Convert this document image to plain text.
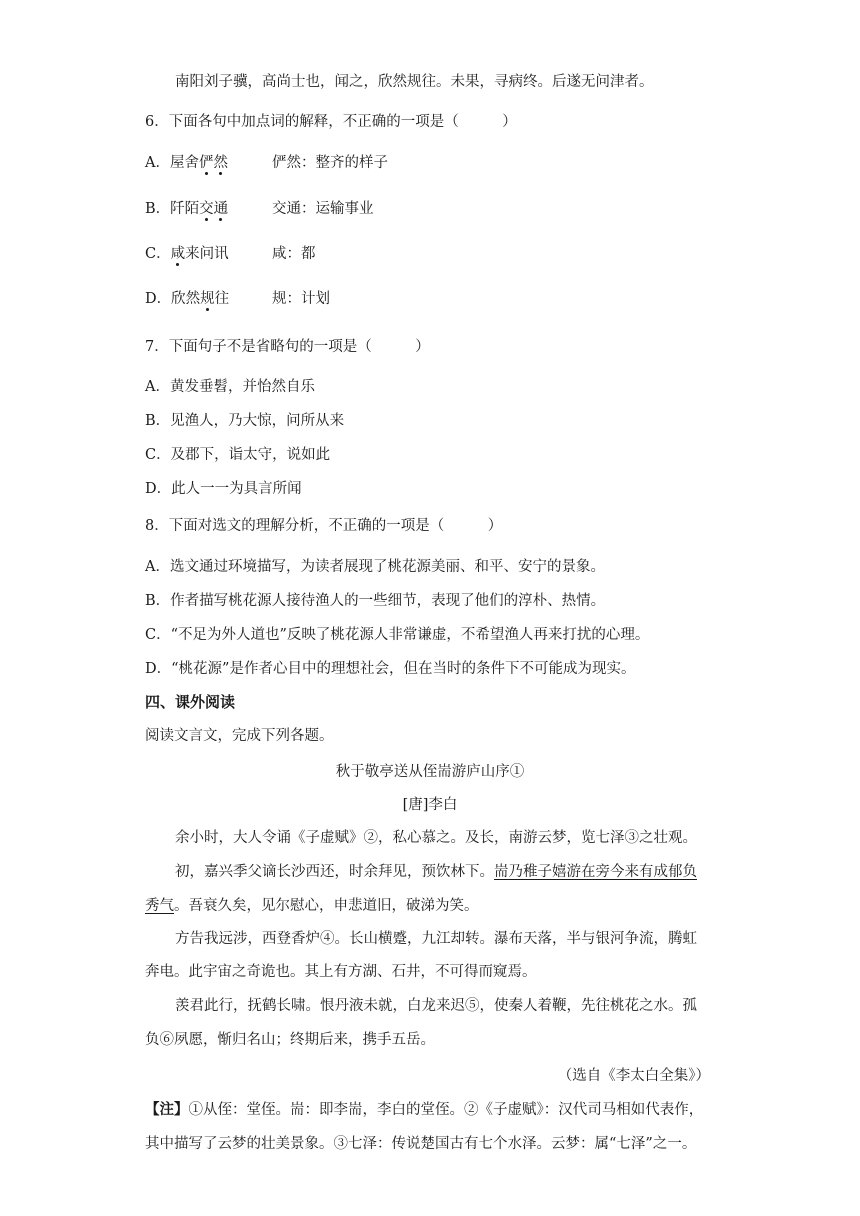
南阳刘子骥，高尚士也，闻之，欣然规往。未果，寻病终。后遂无问津者。
6．下面各句中加点词的解释，不正确的一项是（　　　）
A．屋舍俨然	俨然：整齐的样子
B．阡陌交通	交通：运输事业
C．咸来问讯	咸：都
D．欣然规往	规：计划
7．下面句子不是省略句的一项是（　　　）
A．黄发垂髫，并怡然自乐
B．见渔人，乃大惊，问所从来
C．及郡下，诣太守，说如此
D．此人一一为具言所闻
8．下面对选文的理解分析，不正确的一项是（　　　）
A．选文通过环境描写，为读者展现了桃花源美丽、和平、安宁的景象。
B．作者描写桃花源人接待渔人的一些细节，表现了他们的淳朴、热情。
C．“不足为外人道也”反映了桃花源人非常谦虚，不希望渔人再来打扰的心理。
D．“桃花源”是作者心目中的理想社会，但在当时的条件下不可能成为现实。
四、课外阅读
阅读文言文，完成下列各题。
秋于敬亭送从侄耑游庐山序①
[唐]李白
余小时，大人令诵《子虚赋》②，私心慕之。及长，南游云梦，览七泽③之壮观。
初，嘉兴季父谪长沙西还，时余拜见，预饮林下。耑乃稚子嬉游在旁今来有成郁负
秀气。吾衰久矣，见尔慰心，申悲道旧，破涕为笑。
方告我远涉，西登香炉④。长山横蹙，九江却转。瀑布天落，半与银河争流，腾虹
奔电。此宇宙之奇诡也。其上有方湖、石井，不可得而窥焉。
羡君此行，抚鹤长啸。恨丹液未就，白龙来迟⑤，使秦人着鞭，先往桃花之水。孤
负⑥夙愿，惭归名山；终期后来，携手五岳。
（选自《李太白全集》）
【注】①从侄：堂侄。耑：即李耑，李白的堂侄。②《子虚赋》：汉代司马相如代表作，
其中描写了云梦的壮美景象。③七泽：传说楚国古有七个水泽。云梦：属“七泽”之一。
